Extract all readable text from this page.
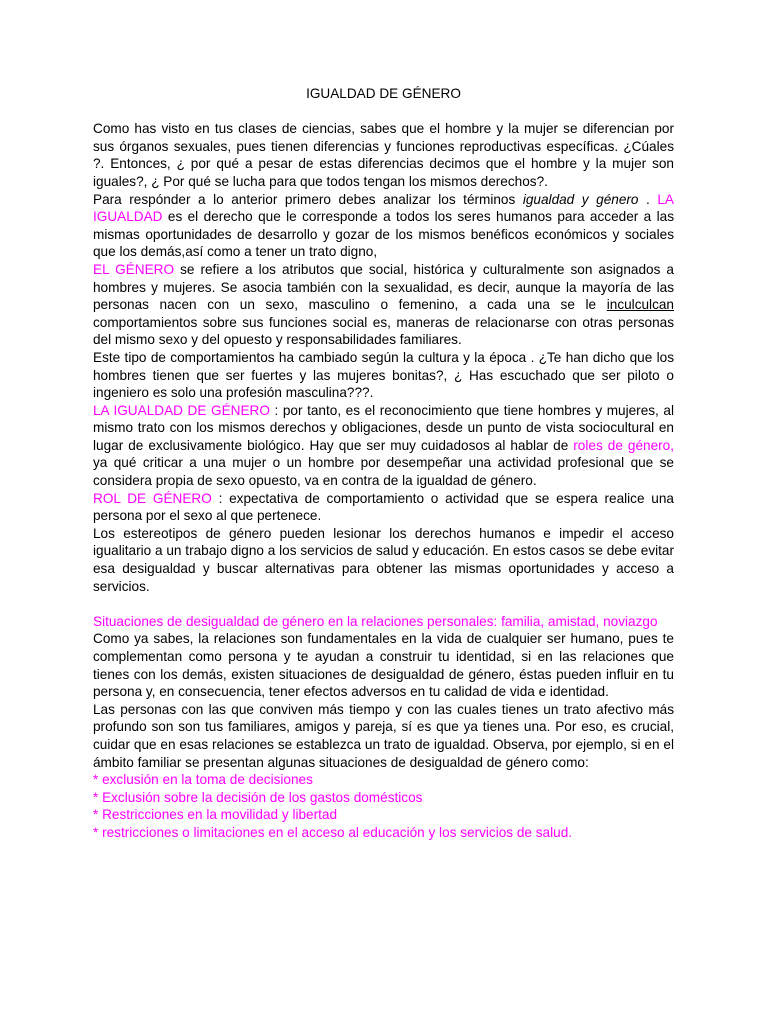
IGUALDAD DE GÉNERO

Como has visto en tus clases de ciencias, sabes que el hombre y la mujer se diferencian por sus órganos sexuales, pues tienen diferencias y funciones reproductivas específicas. ¿Cúales ?. Entonces, ¿ por qué a pesar de estas diferencias decimos que el hombre y la mujer son iguales?, ¿ Por qué se lucha para que todos tengan los mismos derechos?.

Para respónder a lo anterior primero debes analizar los términos igualdad y género . LA IGUALDAD es el derecho que le corresponde a todos los seres humanos para acceder a las mismas oportunidades de desarrollo y gozar de los mismos benéficos económicos y sociales que los demás,así como a tener un trato digno,

EL GÉNERO se refiere a los atributos que social, histórica y culturalmente son asignados a hombres y mujeres. Se asocia también con la sexualidad, es decir, aunque la mayoría de las personas nacen con un sexo, masculino o femenino, a cada una se le inculculcan comportamientos sobre sus funciones social es, maneras de relacionarse con otras personas del mismo sexo y del opuesto y responsabilidades familiares.

Este tipo de comportamientos ha cambiado según la cultura y la época . ¿Te han dicho que los hombres tienen que ser fuertes y las mujeres bonitas?, ¿ Has escuchado que ser piloto o ingeniero es solo una profesión masculina???.

LA IGUALDAD DE GÉNERO : por tanto, es el reconocimiento que tiene hombres y mujeres, al mismo trato con los mismos derechos y obligaciones, desde un punto de vista sociocultural en lugar de exclusivamente biológico. Hay que ser muy cuidadosos al hablar de roles de género, ya qué criticar a una mujer o un hombre por desempeñar una actividad profesional que se considera propia de sexo opuesto, va en contra de la igualdad de género.

ROL DE GÉNERO : expectativa de comportamiento o actividad que se espera realice una persona por el sexo al que pertenece.

Los estereotipos de género pueden lesionar los derechos humanos e impedir el acceso igualitario a un trabajo digno a los servicios de salud y educación. En estos casos se debe evitar esa desigualdad y buscar alternativas para obtener las mismas oportunidades y acceso a servicios.

Situaciones de desigualdad de género en la relaciones personales: familia, amistad, noviazgo

Como ya sabes, la relaciones son fundamentales en la vida de cualquier ser humano, pues te complementan como persona y te ayudan a construir tu identidad, si en las relaciones que tienes con los demás, existen situaciones de desigualdad de género, éstas pueden influir en tu persona y, en consecuencia, tener efectos adversos en tu calidad de vida e identidad.

Las personas con las que conviven más tiempo y con las cuales tienes un trato afectivo más profundo son son tus familiares, amigos y pareja, sí es que ya tienes una. Por eso, es crucial, cuidar que en esas relaciones se establezca un trato de igualdad. Observa, por ejemplo, si en el ámbito familiar se presentan algunas situaciones de desigualdad de género como:

* exclusión en la toma de decisiones
* Exclusión sobre la decisión de los gastos domésticos
* Restricciones en la movilidad y libertad
* restricciones o limitaciones en el acceso al educación y los servicios de salud.
